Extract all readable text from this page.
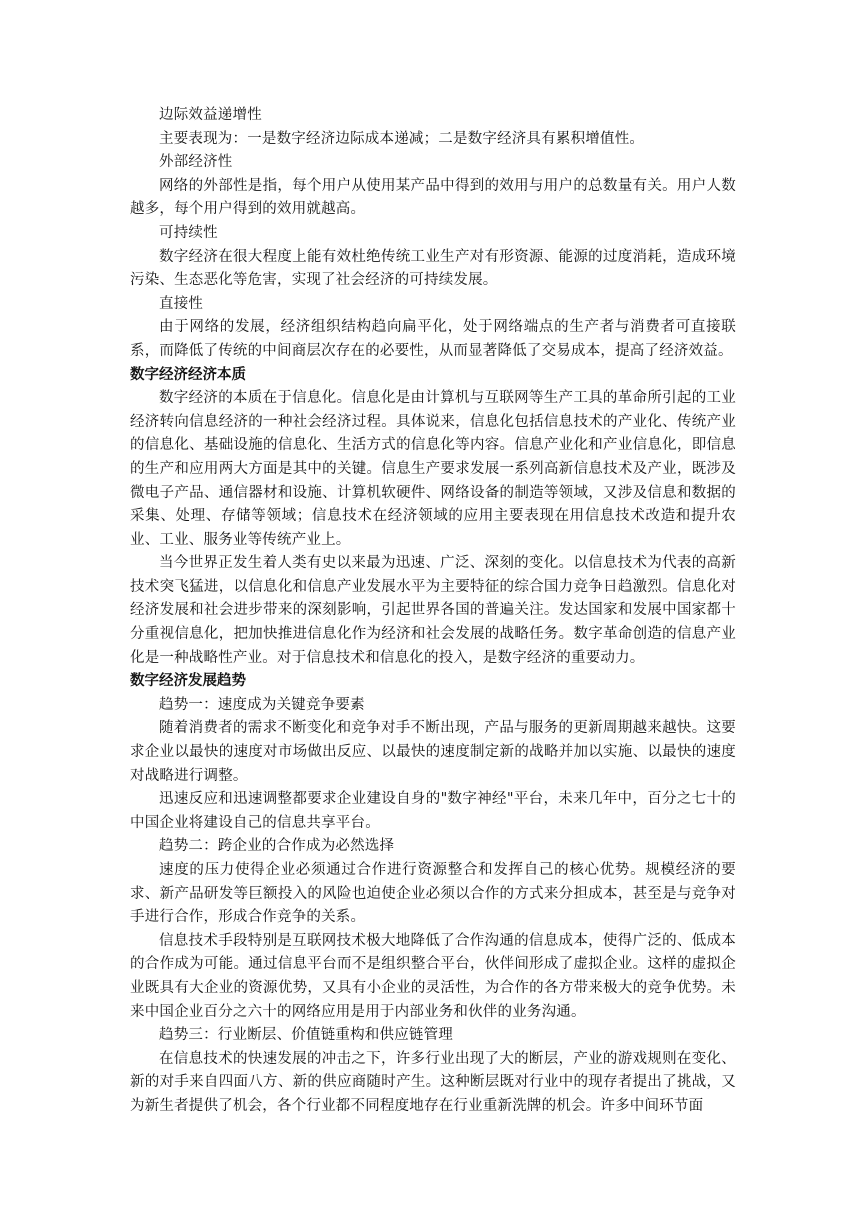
边际效益递增性

主要表现为：一是数字经济边际成本递减；二是数字经济具有累积增值性。

外部经济性

网络的外部性是指，每个用户从使用某产品中得到的效用与用户的总数量有关。用户人数越多，每个用户得到的效用就越高。

可持续性

数字经济在很大程度上能有效杜绝传统工业生产对有形资源、能源的过度消耗，造成环境污染、生态恶化等危害，实现了社会经济的可持续发展。

直接性

由于网络的发展，经济组织结构趋向扁平化，处于网络端点的生产者与消费者可直接联系，而降低了传统的中间商层次存在的必要性，从而显著降低了交易成本，提高了经济效益。

数字经济经济本质

数字经济的本质在于信息化。信息化是由计算机与互联网等生产工具的革命所引起的工业经济转向信息经济的一种社会经济过程。具体说来，信息化包括信息技术的产业化、传统产业的信息化、基础设施的信息化、生活方式的信息化等内容。信息产业化和产业信息化，即信息的生产和应用两大方面是其中的关键。信息生产要求发展一系列高新信息技术及产业，既涉及微电子产品、通信器材和设施、计算机软硬件、网络设备的制造等领域，又涉及信息和数据的采集、处理、存储等领域；信息技术在经济领域的应用主要表现在用信息技术改造和提升农业、工业、服务业等传统产业上。

当今世界正发生着人类有史以来最为迅速、广泛、深刻的变化。以信息技术为代表的高新技术突飞猛进，以信息化和信息产业发展水平为主要特征的综合国力竞争日趋激烈。信息化对经济发展和社会进步带来的深刻影响，引起世界各国的普遍关注。发达国家和发展中国家都十分重视信息化，把加快推进信息化作为经济和社会发展的战略任务。数字革命创造的信息产业化是一种战略性产业。对于信息技术和信息化的投入，是数字经济的重要动力。

数字经济发展趋势

趋势一：速度成为关键竞争要素

随着消费者的需求不断变化和竞争对手不断出现，产品与服务的更新周期越来越快。这要求企业以最快的速度对市场做出反应、以最快的速度制定新的战略并加以实施、以最快的速度对战略进行调整。

迅速反应和迅速调整都要求企业建设自身的"数字神经"平台，未来几年中，百分之七十的中国企业将建设自己的信息共享平台。

趋势二：跨企业的合作成为必然选择

速度的压力使得企业必须通过合作进行资源整合和发挥自己的核心优势。规模经济的要求、新产品研发等巨额投入的风险也迫使企业必须以合作的方式来分担成本，甚至是与竞争对手进行合作，形成合作竞争的关系。

信息技术手段特别是互联网技术极大地降低了合作沟通的信息成本，使得广泛的、低成本的合作成为可能。通过信息平台而不是组织整合平台，伙伴间形成了虚拟企业。这样的虚拟企业既具有大企业的资源优势，又具有小企业的灵活性，为合作的各方带来极大的竞争优势。未来中国企业百分之六十的网络应用是用于内部业务和伙伴的业务沟通。

趋势三：行业断层、价值链重构和供应链管理

在信息技术的快速发展的冲击之下，许多行业出现了大的断层，产业的游戏规则在变化、新的对手来自四面八方、新的供应商随时产生。这种断层既对行业中的现存者提出了挑战，又为新生者提供了机会，各个行业都不同程度地存在行业重新洗牌的机会。许多中间环节面
